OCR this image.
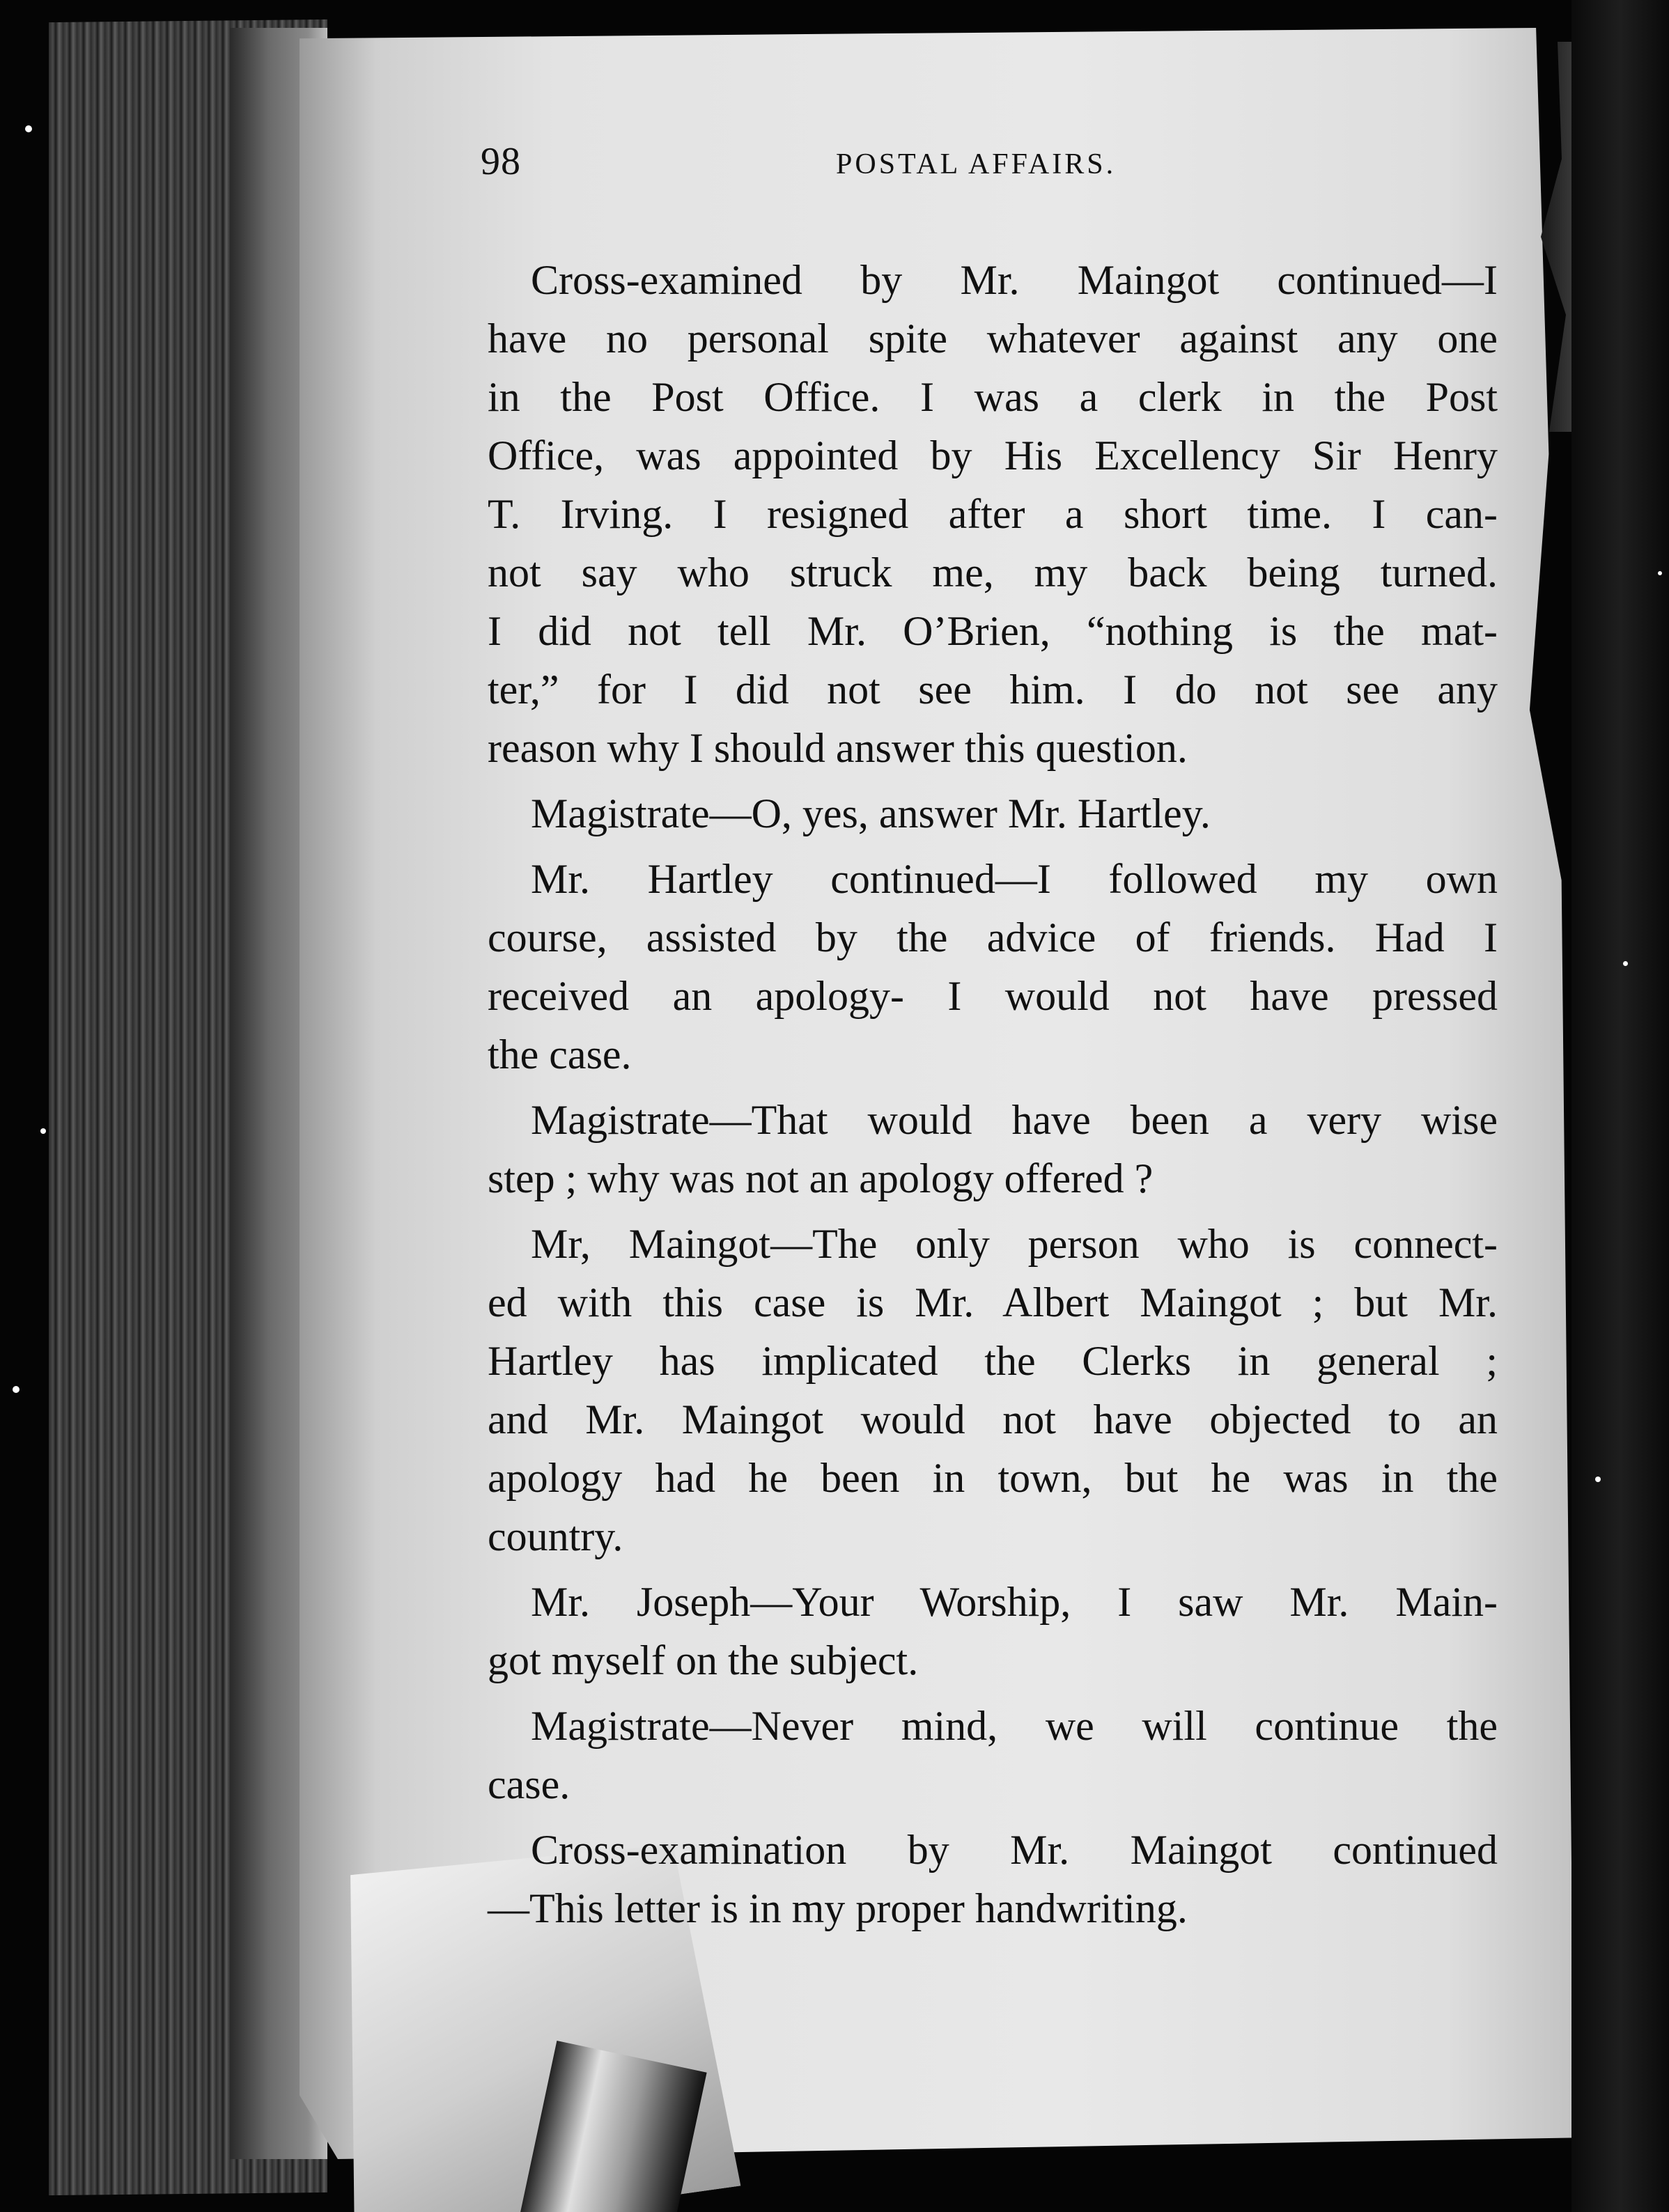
98	POSTAL AFFAIRS.
Cross-examined by Mr. Maingot continued—I
have no personal spite whatever against any one
in the Post Office. I was a clerk in the Post
Office, was appointed by His Excellency Sir Henry
T. Irving. I resigned after a short time. I can-
not say who struck me, my back being turned.
I did not tell Mr. O’Brien, “nothing is the mat-
ter,” for I did not see him. I do not see any
reason why I should answer this question.
Magistrate—O, yes, answer Mr. Hartley.
Mr. Hartley continued—I followed my own
course, assisted by the advice of friends. Had I
received an apology- I would not have pressed
the case.
Magistrate—That would have been a very wise
step ; why was not an apology offered ?
Mr, Maingot—The only person who is connect-
ed with this case is Mr. Albert Maingot ; but Mr.
Hartley has implicated the Clerks in general ;
and Mr. Maingot would not have objected to an
apology had he been in town, but he was in the
country.
Mr. Joseph—Your Worship, I saw Mr. Main-
got myself on the subject.
Magistrate—Never mind, we will continue the
case.
Cross-examination by Mr. Maingot continued
—This letter is in my proper handwriting.
